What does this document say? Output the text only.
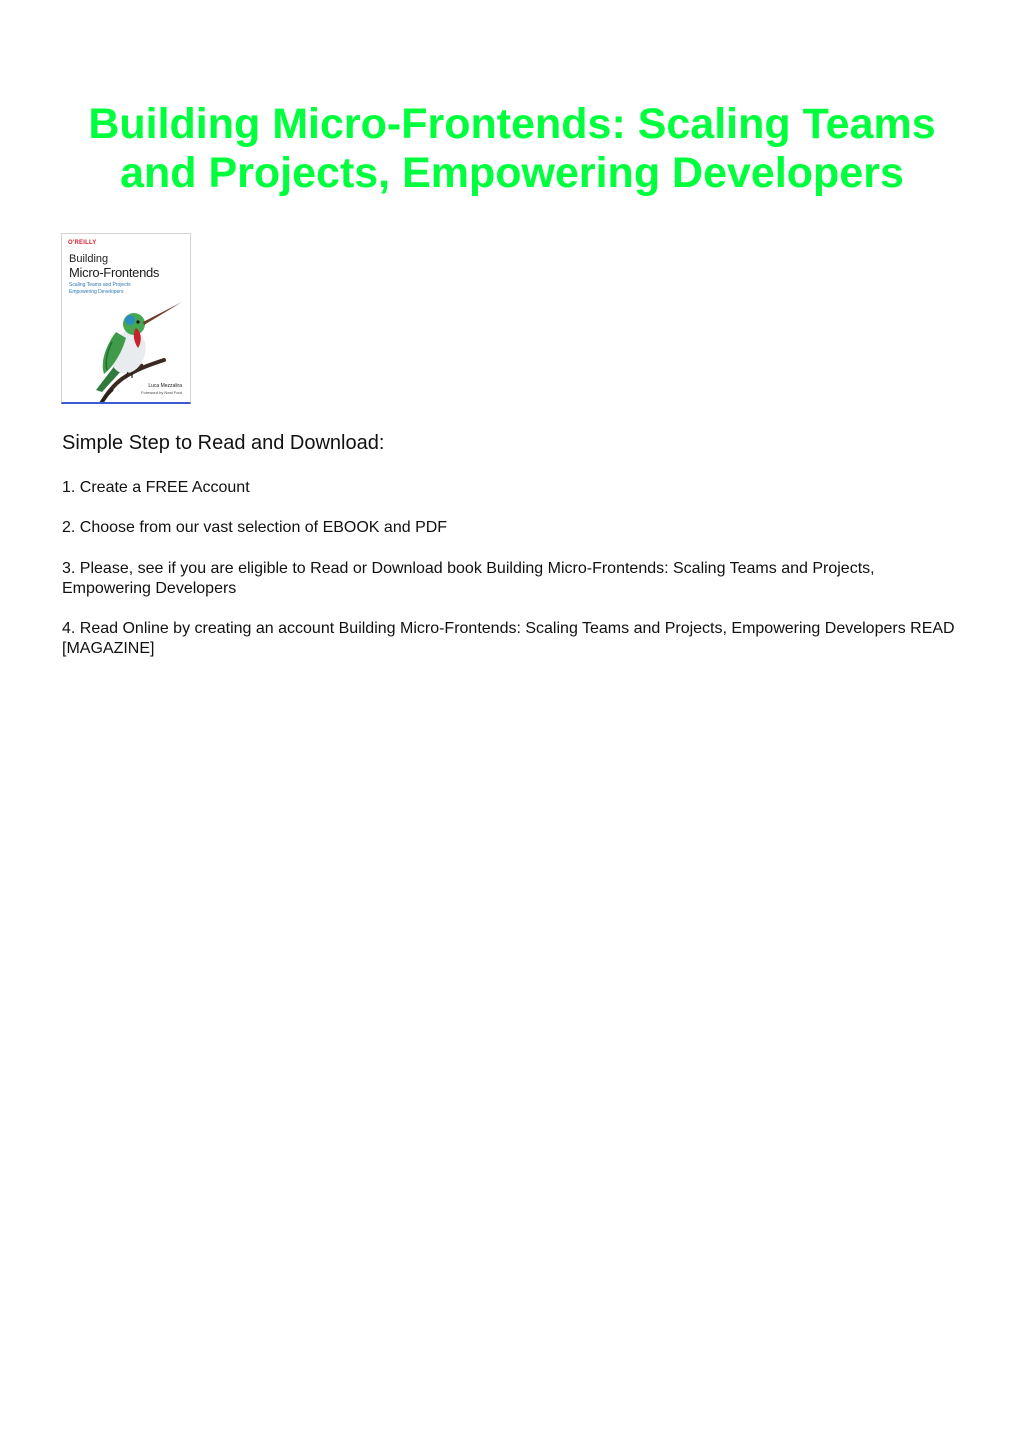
Building Micro-Frontends: Scaling Teams
and Projects, Empowering Developers
O'REILLY
Building
Micro-Frontends
Scaling Teams and Projects
Empowering Developers
Luca Mezzalira
Foreword by Neal Ford
Simple Step to Read and Download:

1. Create a FREE Account

2. Choose from our vast selection of EBOOK and PDF

3. Please, see if you are eligible to Read or Download book Building Micro-Frontends: Scaling Teams and Projects, Empowering Developers

4. Read Online by creating an account Building Micro-Frontends: Scaling Teams and Projects, Empowering Developers READ [MAGAZINE]
